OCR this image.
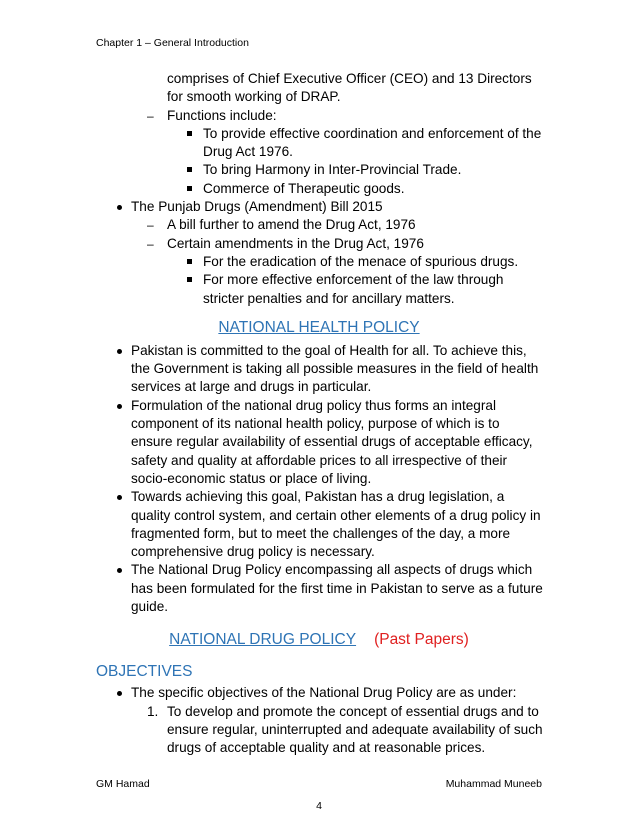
Chapter 1 – General Introduction
comprises of Chief Executive Officer (CEO) and 13 Directors for smooth working of DRAP.
– Functions include:
To provide effective coordination and enforcement of the Drug Act 1976.
To bring Harmony in Inter-Provincial Trade.
Commerce of Therapeutic goods.
The Punjab Drugs (Amendment) Bill 2015
– A bill further to amend the Drug Act, 1976
– Certain amendments in the Drug Act, 1976
For the eradication of the menace of spurious drugs.
For more effective enforcement of the law through stricter penalties and for ancillary matters.
NATIONAL HEALTH POLICY
Pakistan is committed to the goal of Health for all. To achieve this, the Government is taking all possible measures in the field of health services at large and drugs in particular.
Formulation of the national drug policy thus forms an integral component of its national health policy, purpose of which is to ensure regular availability of essential drugs of acceptable efficacy, safety and quality at affordable prices to all irrespective of their socio-economic status or place of living.
Towards achieving this goal, Pakistan has a drug legislation, a quality control system, and certain other elements of a drug policy in fragmented form, but to meet the challenges of the day, a more comprehensive drug policy is necessary.
The National Drug Policy encompassing all aspects of drugs which has been formulated for the first time in Pakistan to serve as a future guide.
NATIONAL DRUG POLICY (Past Papers)
OBJECTIVES
The specific objectives of the National Drug Policy are as under:
1. To develop and promote the concept of essential drugs and to ensure regular, uninterrupted and adequate availability of such drugs of acceptable quality and at reasonable prices.
GM Hamad	Muhammad Muneeb
4
